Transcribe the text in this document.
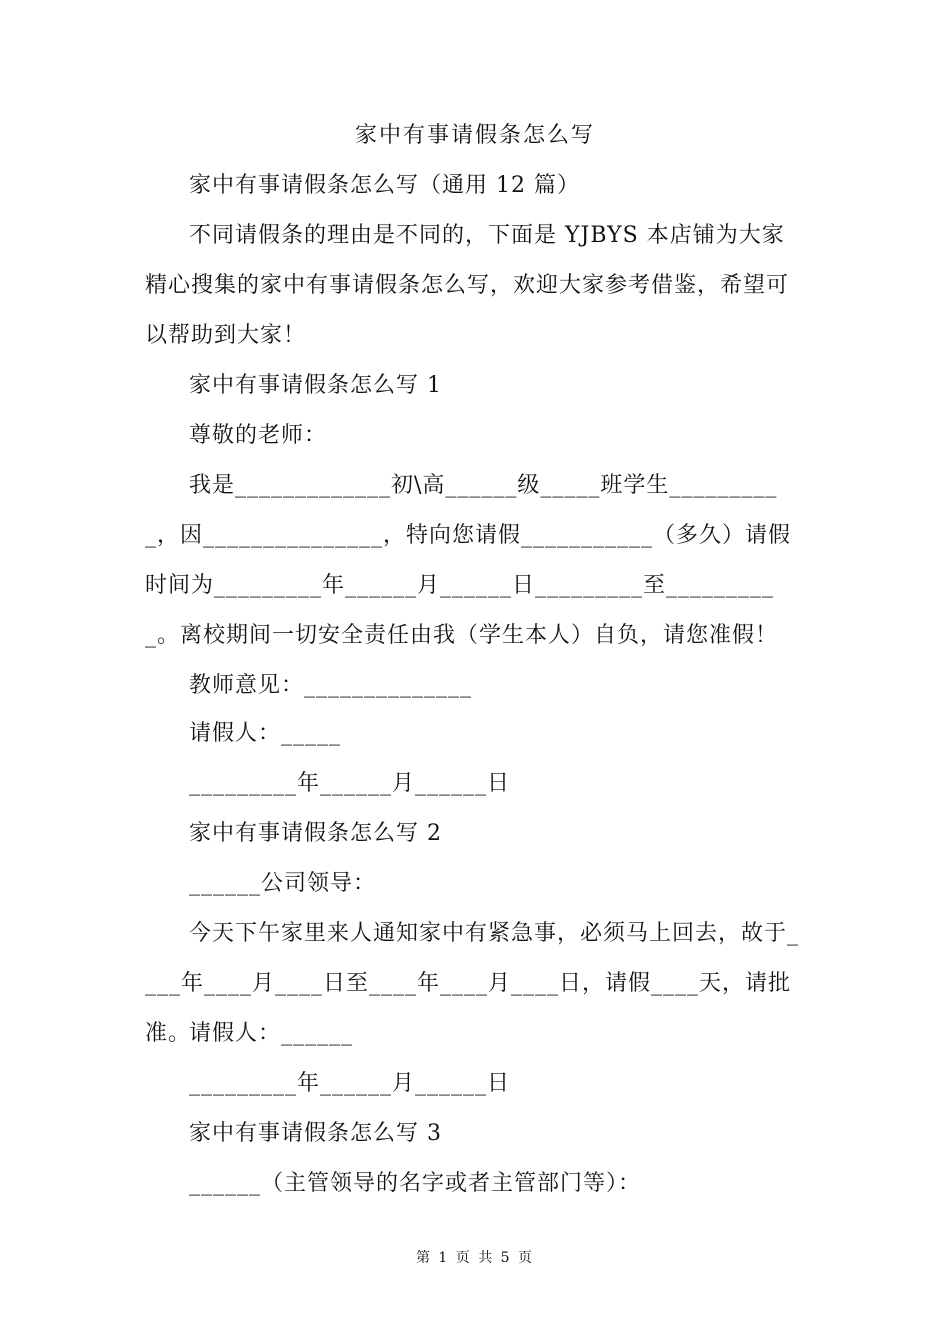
家中有事请假条怎么写
家中有事请假条怎么写（通用 12 篇）
不同请假条的理由是不同的，下面是 YJBYS 本店铺为大家精心搜集的家中有事请假条怎么写，欢迎大家参考借鉴，希望可以帮助到大家！
家中有事请假条怎么写 1
尊敬的老师：
我是_____________初\高______级_____班学生__________，因_______________，特向您请假___________（多久）请假时间为_________年______月______日_________至__________。离校期间一切安全责任由我（学生本人）自负，请您准假！
教师意见：______________
请假人：_____
_________年______月______日
家中有事请假条怎么写 2
______公司领导：
今天下午家里来人通知家中有紧急事，必须马上回去，故于____年____月____日至____年____月____日，请假____天，请批准。
请假人：______
_________年______月______日
家中有事请假条怎么写 3
______（主管领导的名字或者主管部门等）：
第 1 页 共 5 页
